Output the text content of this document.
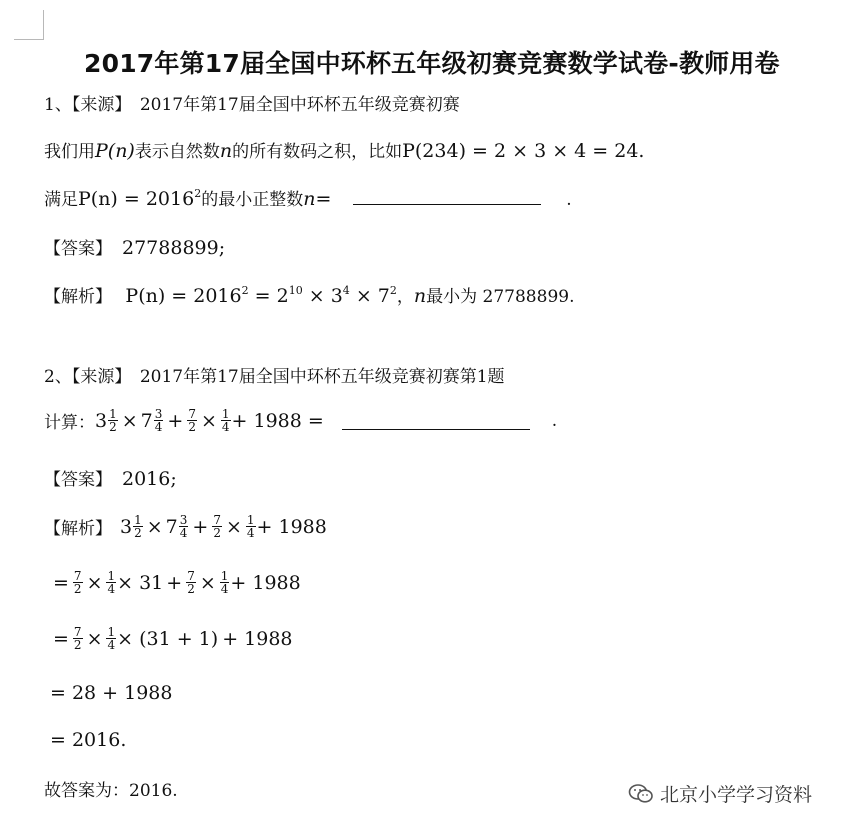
2017年第17届全国中环杯五年级初赛竞赛数学试卷-教师用卷
1、【来源】　2017年第17届全国中环杯五年级竞赛初赛
我们用P(n)表示自然数n的所有数码之积，比如P(234) = 2 × 3 × 4 = 24.
满足$P(n) = 2016^2$的最小正整数n=	.
【答案】 27788899;
【解析】 $P(n) = 2016^2 = 2^{10} \times 3^4 \times 7^2$，n最小为 27788899.
2、【来源】　2017年第17届全国中环杯五年级竞赛初赛第1题
计算： $3 \frac{1}{2} \times 7 \frac{3}{4} + \frac{7}{2} \times \frac{1}{4} + 1988$ =	.
【答案】 2016;
【解析】 $3 \frac{1}{2} \times 7 \frac{3}{4} + \frac{7}{2} \times \frac{1}{4} + 1988$
= $\frac{7}{2} \times \frac{1}{4} \times 31 + \frac{7}{2} \times \frac{1}{4} + 1988$
= $\frac{7}{2} \times \frac{1}{4} \times (31 + 1) + 1988$
= 28 + 1988
= 2016.
故答案为：2016.	北京小学学习资料
